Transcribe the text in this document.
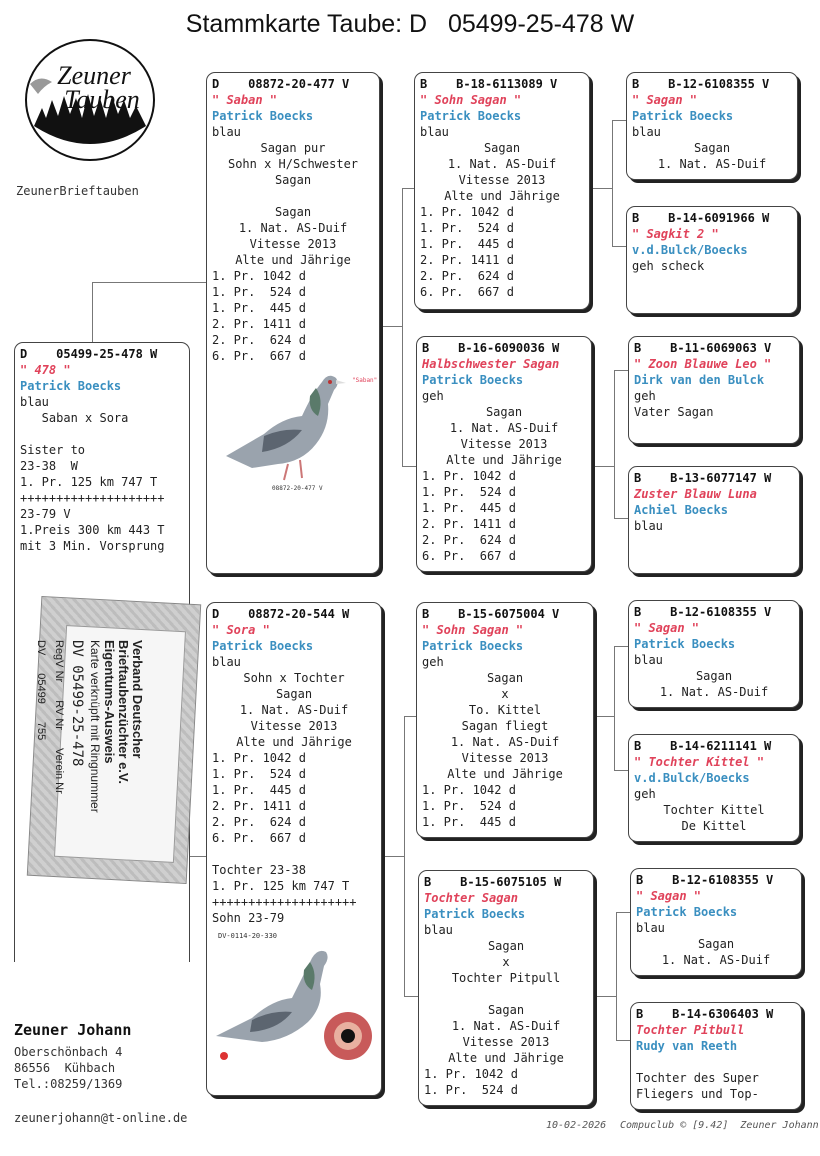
Stammkarte Taube: D   05499-25-478 W
Zeuner
Tauben
ZeunerBrieftauben
D    05499-25-478 W
" 478 "
Patrick Boecks
blau
Saban x Sora

Sister to
23-38  W
1. Pr. 125 km 747 T
++++++++++++++++++++
23-79 V
1.Preis 300 km 443 T
mit 3 Min. Vorsprung
Verband Deutscher
Brieftaubenzüchter e.V.
Eigentums-Ausweis
Karte verknüpft mit Ringnummer
DV 05499-25-478
RegV Nr
RV Nr
Verein Nr
DV
05499
755
D    08872-20-477 V
" Saban "
Patrick Boecks
blau
Sagan pur
Sohn x H/Schwester
Sagan

Sagan
1. Nat. AS-Duif
Vitesse 2013
Alte und Jährige
1. Pr. 1042 d
1. Pr.  524 d
1. Pr.  445 d
2. Pr. 1411 d
2. Pr.  624 d
6. Pr.  667 d
"Saban"
08872-20-477 V
D    08872-20-544 W
" Sora "
Patrick Boecks
blau
Sohn x Tochter
Sagan
1. Nat. AS-Duif
Vitesse 2013
Alte und Jährige
1. Pr. 1042 d
1. Pr.  524 d
1. Pr.  445 d
2. Pr. 1411 d
2. Pr.  624 d
6. Pr.  667 d

Tochter 23-38
1. Pr. 125 km 747 T
++++++++++++++++++++
Sohn 23-79
DV-0114-20-330
B    B-18-6113089 V
" Sohn Sagan "
Patrick Boecks
blau
Sagan
1. Nat. AS-Duif
Vitesse 2013
Alte und Jährige
1. Pr. 1042 d
1. Pr.  524 d
1. Pr.  445 d
2. Pr. 1411 d
2. Pr.  624 d
6. Pr.  667 d
B    B-16-6090036 W
Halbschwester Sagan
Patrick Boecks
geh
Sagan
1. Nat. AS-Duif
Vitesse 2013
Alte und Jährige
1. Pr. 1042 d
1. Pr.  524 d
1. Pr.  445 d
2. Pr. 1411 d
2. Pr.  624 d
6. Pr.  667 d
B    B-15-6075004 V
" Sohn Sagan "
Patrick Boecks
geh
Sagan
x
To. Kittel
Sagan fliegt
1. Nat. AS-Duif
Vitesse 2013
Alte und Jährige
1. Pr. 1042 d
1. Pr.  524 d
1. Pr.  445 d
B    B-15-6075105 W
Tochter Sagan
Patrick Boecks
blau
Sagan
x
Tochter Pitpull

Sagan
1. Nat. AS-Duif
Vitesse 2013
Alte und Jährige
1. Pr. 1042 d
1. Pr.  524 d
B    B-12-6108355 V
" Sagan "
Patrick Boecks
blau
Sagan
1. Nat. AS-Duif
B    B-14-6091966 W
" Sagkit 2 "
v.d.Bulck/Boecks
geh scheck
B    B-11-6069063 V
" Zoon Blauwe Leo "
Dirk van den Bulck
geh
Vater Sagan
B    B-13-6077147 W
Zuster Blauw Luna
Achiel Boecks
blau
B    B-12-6108355 V
" Sagan "
Patrick Boecks
blau
Sagan
1. Nat. AS-Duif
B    B-14-6211141 W
" Tochter Kittel "
v.d.Bulck/Boecks
geh
Tochter Kittel
De Kittel
B    B-12-6108355 V
" Sagan "
Patrick Boecks
blau
Sagan
1. Nat. AS-Duif
B    B-14-6306403 W
Tochter Pitbull
Rudy van Reeth

Tochter des Super
Fliegers und Top-
Zeuner Johann
Oberschönbach 4
86556  Kühbach
Tel.:08259/1369
zeunerjohann@t-online.de
10-02-2026 Compuclub © [9.42]  Zeuner Johann
